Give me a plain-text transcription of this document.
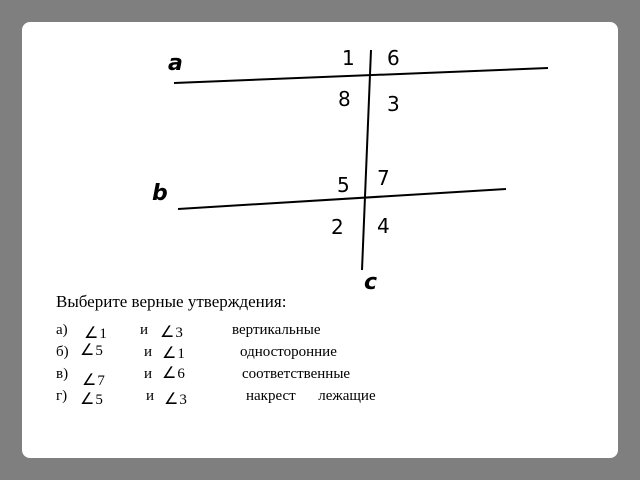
a
b
c
1 6
8 3
7
5
2 4
Выберите верные утверждения:
а) ∠1 и ∠3	вертикальные
б) ∠5	и ∠1	односторонние
в) ∠7	и ∠6	соответственные
г) ∠5	и ∠3	накрест      лежащие
